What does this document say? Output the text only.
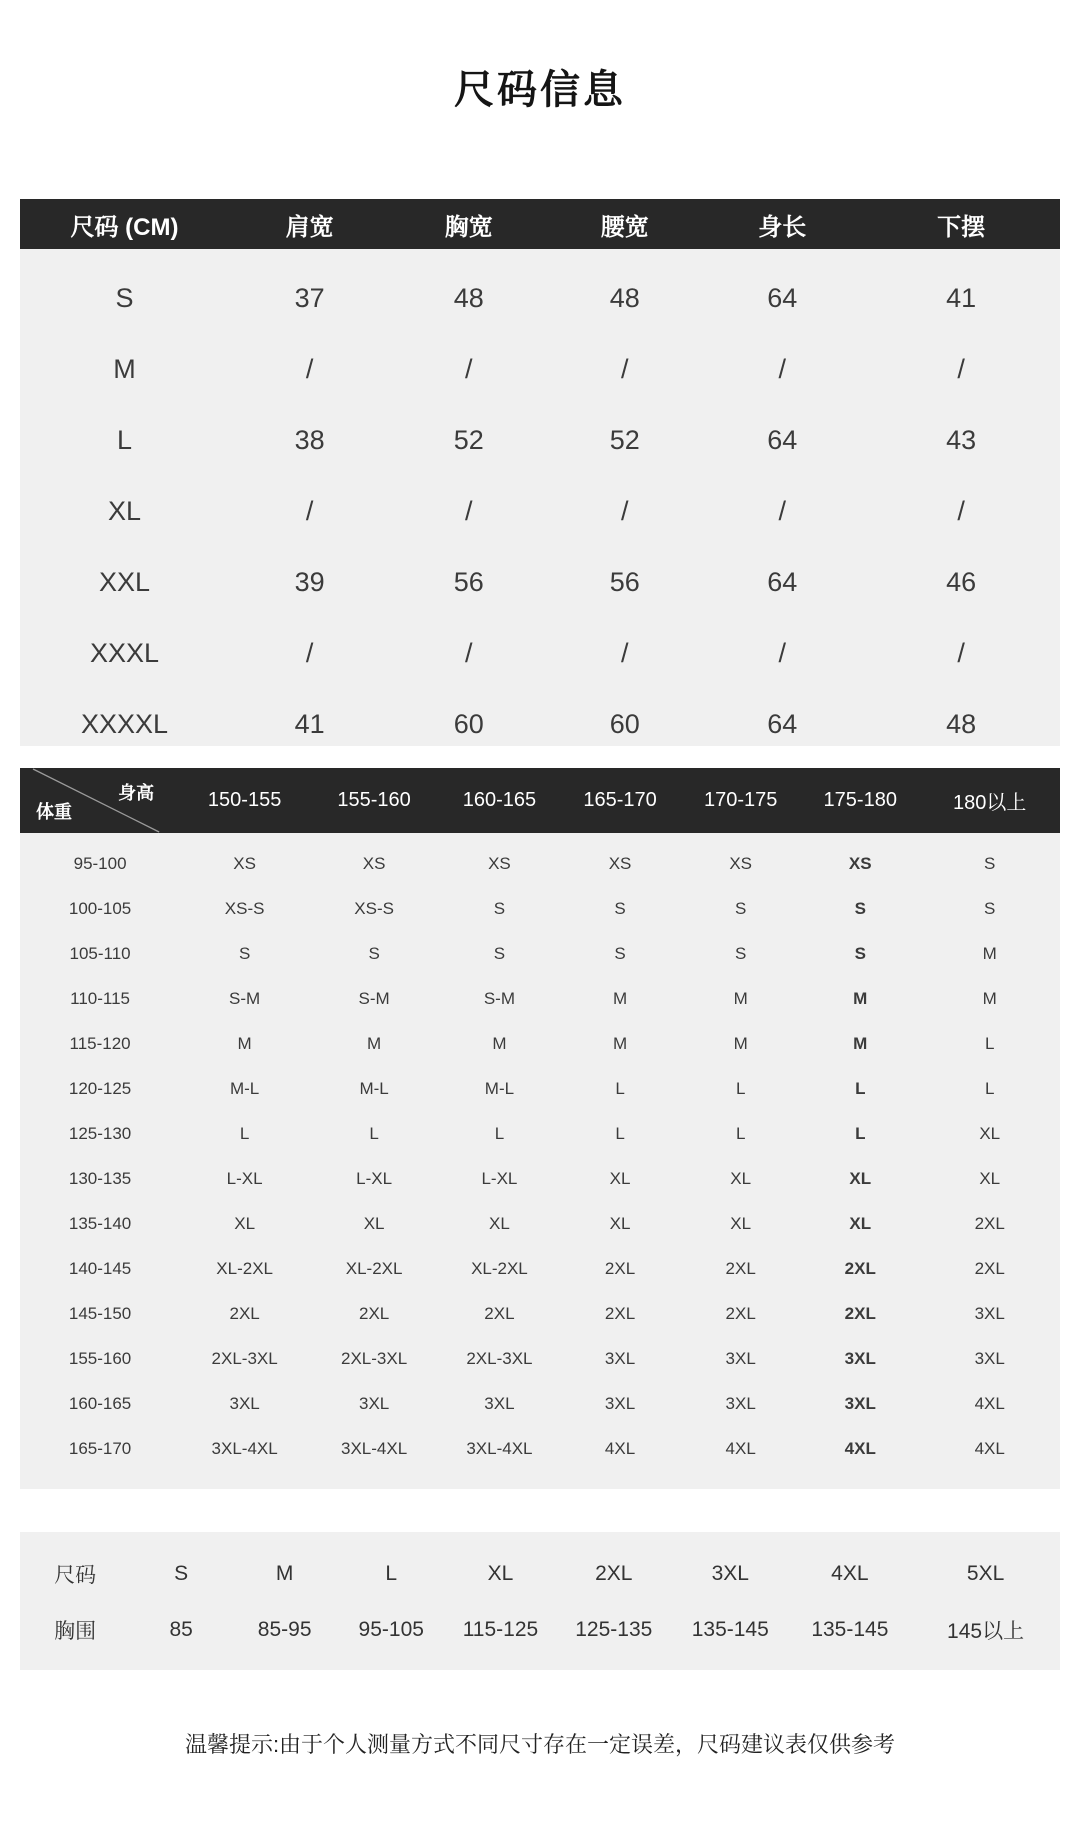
尺码信息
尺码 (CM)	肩宽	胸宽	腰宽	身长	下摆
S	37	48	48	64	41
M	/	/	/	/	/
L	38	52	52	64	43
XL	/	/	/	/	/
XXL	39	56	56	64	46
XXXL	/	/	/	/	/
XXXXL	41	60	60	64	48
身高
体重
150-155	155-160	160-165	165-170	170-175	175-180	180以上
95-100	XS	XS	XS	XS	XS	XS	S
100-105	XS-S	XS-S	S	S	S	S	S
105-110	S	S	S	S	S	S	M
110-115	S-M	S-M	S-M	M	M	M	M
115-120	M	M	M	M	M	M	L
120-125	M-L	M-L	M-L	L	L	L	L
125-130	L	L	L	L	L	L	XL
130-135	L-XL	L-XL	L-XL	XL	XL	XL	XL
135-140	XL	XL	XL	XL	XL	XL	2XL
140-145	XL-2XL	XL-2XL	XL-2XL	2XL	2XL	2XL	2XL
145-150	2XL	2XL	2XL	2XL	2XL	2XL	3XL
155-160	2XL-3XL	2XL-3XL	2XL-3XL	3XL	3XL	3XL	3XL
160-165	3XL	3XL	3XL	3XL	3XL	3XL	4XL
165-170	3XL-4XL	3XL-4XL	3XL-4XL	4XL	4XL	4XL	4XL
尺码	S	M	L	XL	2XL	3XL	4XL	5XL
胸围	85	85-95	95-105	115-125	125-135	135-145	135-145	145以上

温馨提示:由于个人测量方式不同尺寸存在一定误差，尺码建议表仅供参考
